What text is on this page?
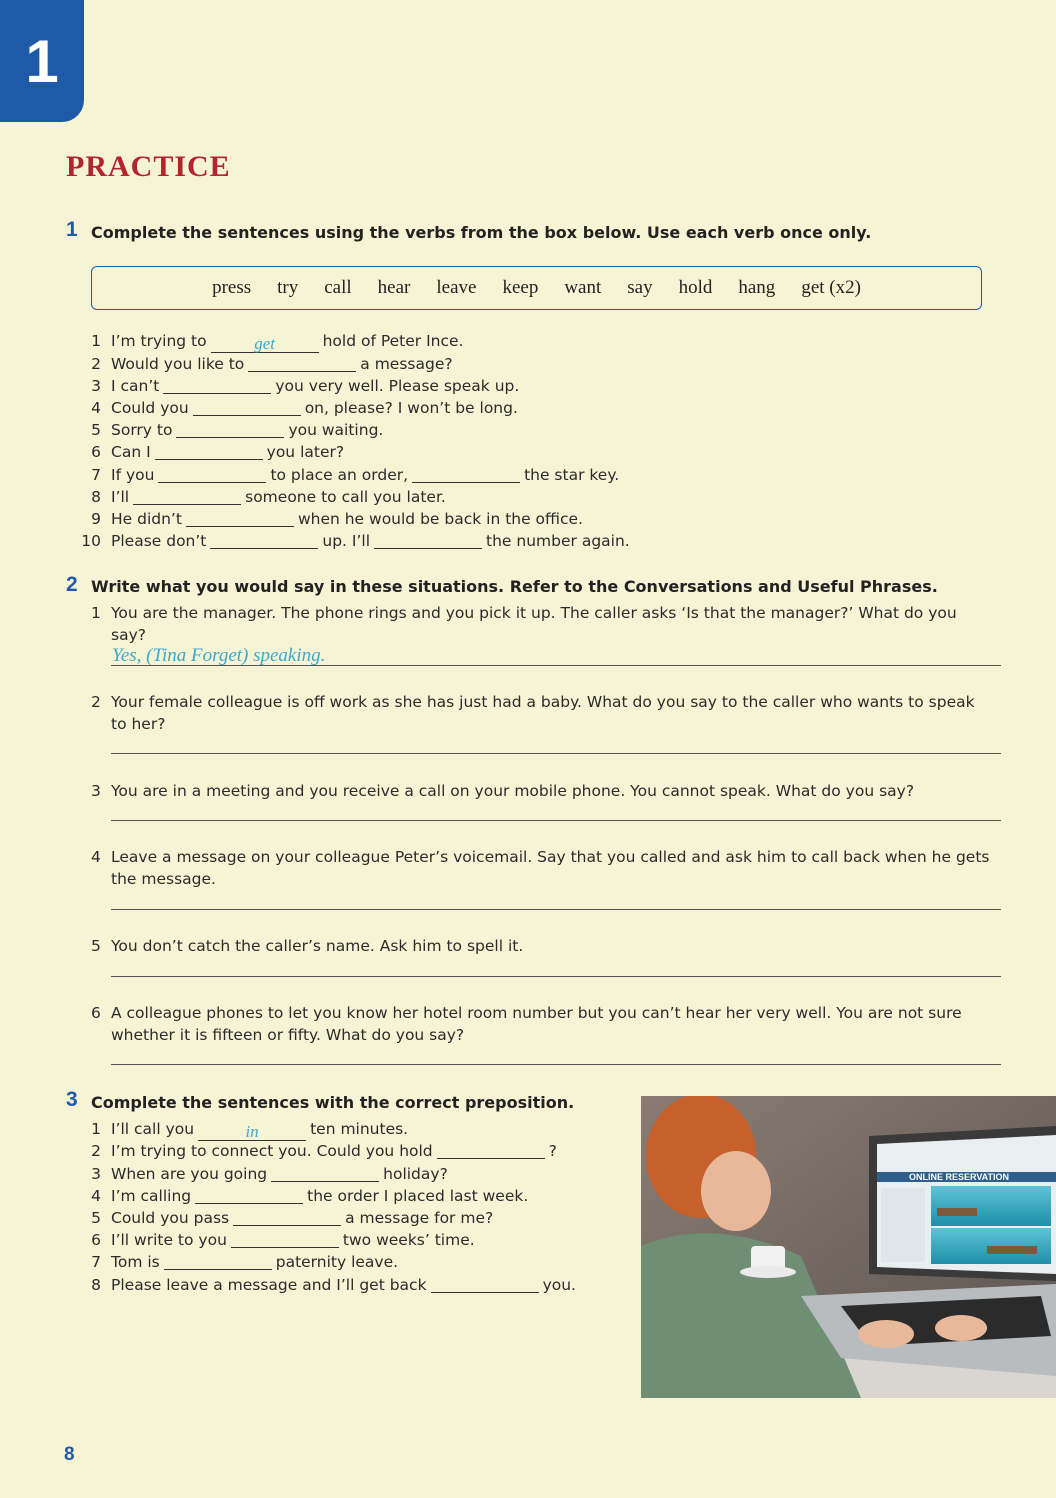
1
PRACTICE
1 Complete the sentences using the verbs from the box below. Use each verb once only.
press try call hear leave keep want say hold hang get (x2)
1 I’m trying to	get	hold of Peter Ince.
2 Would you like to	a message?
3 I can’t	you very well. Please speak up.
4 Could you	on, please? I won’t be long.
5 Sorry to	you waiting.
6 Can I	you later?
7 If you	to place an order,	the star key.
8 I’ll	someone to call you later.
9 He didn’t	when he would be back in the office.
10 Please don’t	up. I’ll	the number again.
2 Write what you would say in these situations. Refer to the Conversations and Useful Phrases.
1 You are the manager. The phone rings and you pick it up. The caller asks ‘Is that the manager?’ What do you say?
Yes, (Tina Forget) speaking.
2 Your female colleague is off work as she has just had a baby. What do you say to the caller who wants to speak to her?
3 You are in a meeting and you receive a call on your mobile phone. You cannot speak. What do you say?
4 Leave a message on your colleague Peter’s voicemail. Say that you called and ask him to call back when he gets the message.
5 You don’t catch the caller’s name. Ask him to spell it.
6 A colleague phones to let you know her hotel room number but you can’t hear her very well. You are not sure whether it is fifteen or fifty. What do you say?
3 Complete the sentences with the correct preposition.
1 I’ll call you	in	ten minutes.
2 I’m trying to connect you. Could you hold	?
3 When are you going	holiday?
4 I’m calling	the order I placed last week.
5 Could you pass	a message for me?
6 I’ll write to you	two weeks’ time.
7 Tom is	paternity leave.
8 Please leave a message and I’ll get back	you.
ONLINE RESERVATION
8
